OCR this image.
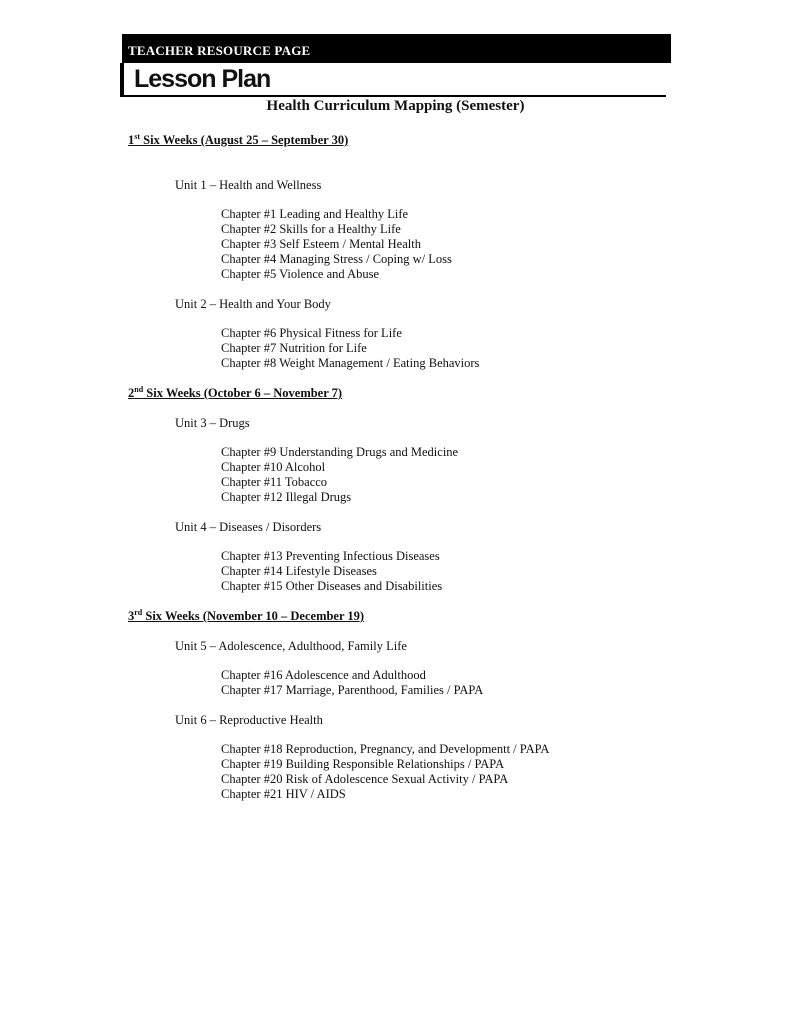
TEACHER RESOURCE PAGE
Lesson Plan
Health Curriculum Mapping (Semester)
1st Six Weeks (August 25 – September 30)
Unit 1 – Health and Wellness
Chapter #1 Leading and Healthy Life
Chapter #2 Skills for a Healthy Life
Chapter #3 Self Esteem / Mental Health
Chapter #4 Managing Stress / Coping w/ Loss
Chapter #5 Violence and Abuse
Unit 2 – Health and Your Body
Chapter #6 Physical Fitness for Life
Chapter #7 Nutrition for Life
Chapter #8 Weight Management / Eating Behaviors
2nd Six Weeks (October 6 – November 7)
Unit 3 – Drugs
Chapter #9 Understanding Drugs and Medicine
Chapter #10 Alcohol
Chapter #11 Tobacco
Chapter #12 Illegal Drugs
Unit 4 – Diseases / Disorders
Chapter #13 Preventing Infectious Diseases
Chapter #14 Lifestyle Diseases
Chapter #15 Other Diseases and Disabilities
3rd Six Weeks (November 10 – December 19)
Unit 5 – Adolescence, Adulthood, Family Life
Chapter #16 Adolescence and Adulthood
Chapter #17 Marriage, Parenthood, Families / PAPA
Unit 6 – Reproductive Health
Chapter #18 Reproduction, Pregnancy, and Developmentt / PAPA
Chapter #19 Building Responsible Relationships / PAPA
Chapter #20 Risk of Adolescence Sexual Activity / PAPA
Chapter #21 HIV / AIDS
